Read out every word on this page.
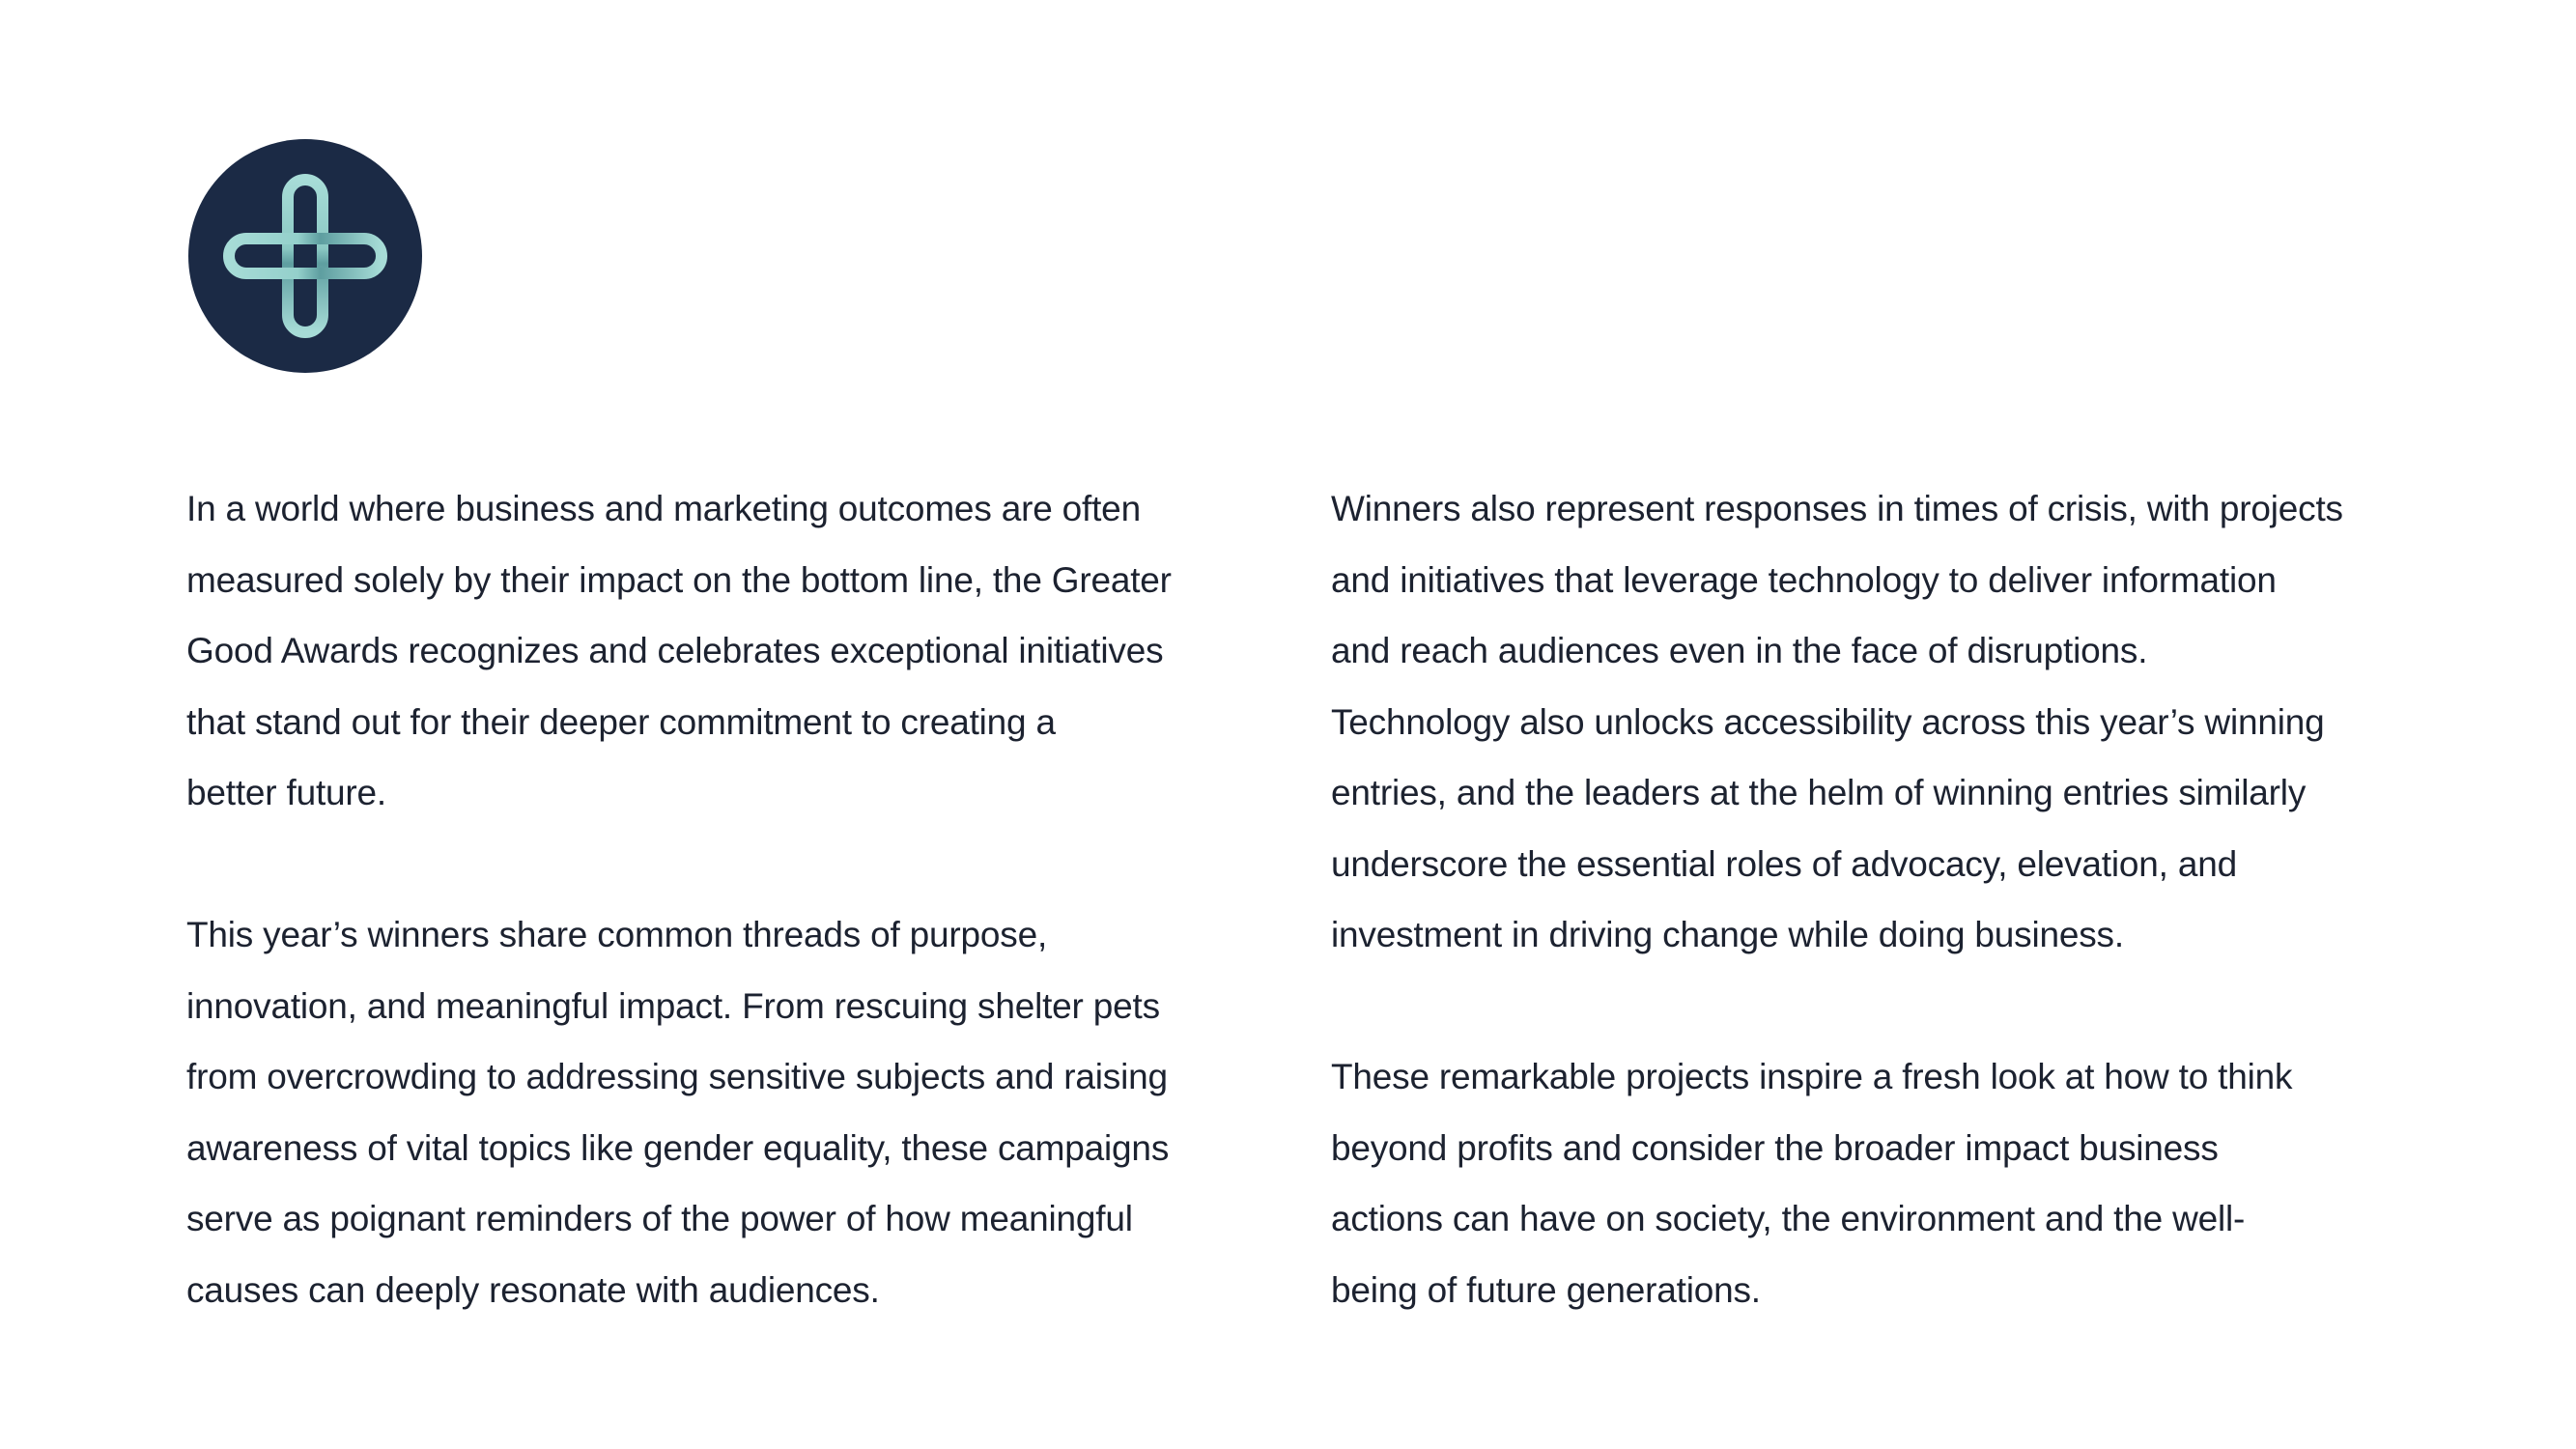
In a world where business and marketing outcomes are often
measured solely by their impact on the bottom line, the Greater
Good Awards recognizes and celebrates exceptional initiatives
that stand out for their deeper commitment to creating a
better future.

This year’s winners share common threads of purpose,
innovation, and meaningful impact. From rescuing shelter pets
from overcrowding to addressing sensitive subjects and raising
awareness of vital topics like gender equality, these campaigns
serve as poignant reminders of the power of how meaningful
causes can deeply resonate with audiences.

Winners also represent responses in times of crisis, with projects
and initiatives that leverage technology to deliver information
and reach audiences even in the face of disruptions.
Technology also unlocks accessibility across this year’s winning
entries, and the leaders at the helm of winning entries similarly
underscore the essential roles of advocacy, elevation, and
investment in driving change while doing business.

These remarkable projects inspire a fresh look at how to think
beyond profits and consider the broader impact business
actions can have on society, the environment and the well-
being of future generations.
